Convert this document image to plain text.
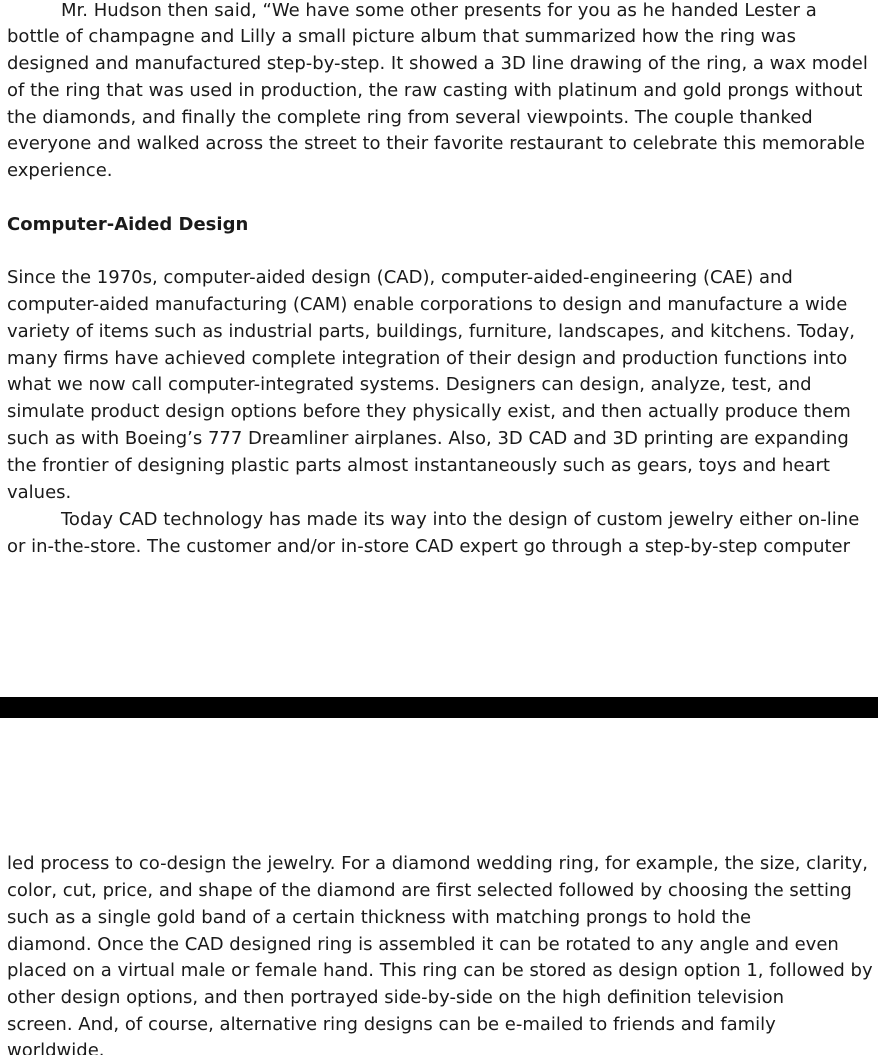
   Mr. Hudson then said, “We have some other presents for you as he handed Lester a
bottle of champagne and Lilly a small picture album that summarized how the ring was
designed and manufactured step-by-step. It showed a 3D line drawing of the ring, a wax model
of the ring that was used in production, the raw casting with platinum and gold prongs without
the diamonds, and finally the complete ring from several viewpoints. The couple thanked
everyone and walked across the street to their favorite restaurant to celebrate this memorable
experience.
Computer-Aided Design
Since the 1970s, computer-aided design (CAD), computer-aided-engineering (CAE) and
computer-aided manufacturing (CAM) enable corporations to design and manufacture a wide
variety of items such as industrial parts, buildings, furniture, landscapes, and kitchens. Today,
many firms have achieved complete integration of their design and production functions into
what we now call computer-integrated systems. Designers can design, analyze, test, and
simulate product design options before they physically exist, and then actually produce them
such as with Boeing’s 777 Dreamliner airplanes. Also, 3D CAD and 3D printing are expanding
the frontier of designing plastic parts almost instantaneously such as gears, toys and heart
values.
   Today CAD technology has made its way into the design of custom jewelry either on-line
or in-the-store. The customer and/or in-store CAD expert go through a step-by-step computer
led process to co-design the jewelry. For a diamond wedding ring, for example, the size, clarity,
color, cut, price, and shape of the diamond are first selected followed by choosing the setting
such as a single gold band of a certain thickness with matching prongs to hold the
diamond. Once the CAD designed ring is assembled it can be rotated to any angle and even
placed on a virtual male or female hand. This ring can be stored as design option 1, followed by
other design options, and then portrayed side-by-side on the high definition television
screen. And, of course, alternative ring designs can be e-mailed to friends and family
worldwide.
